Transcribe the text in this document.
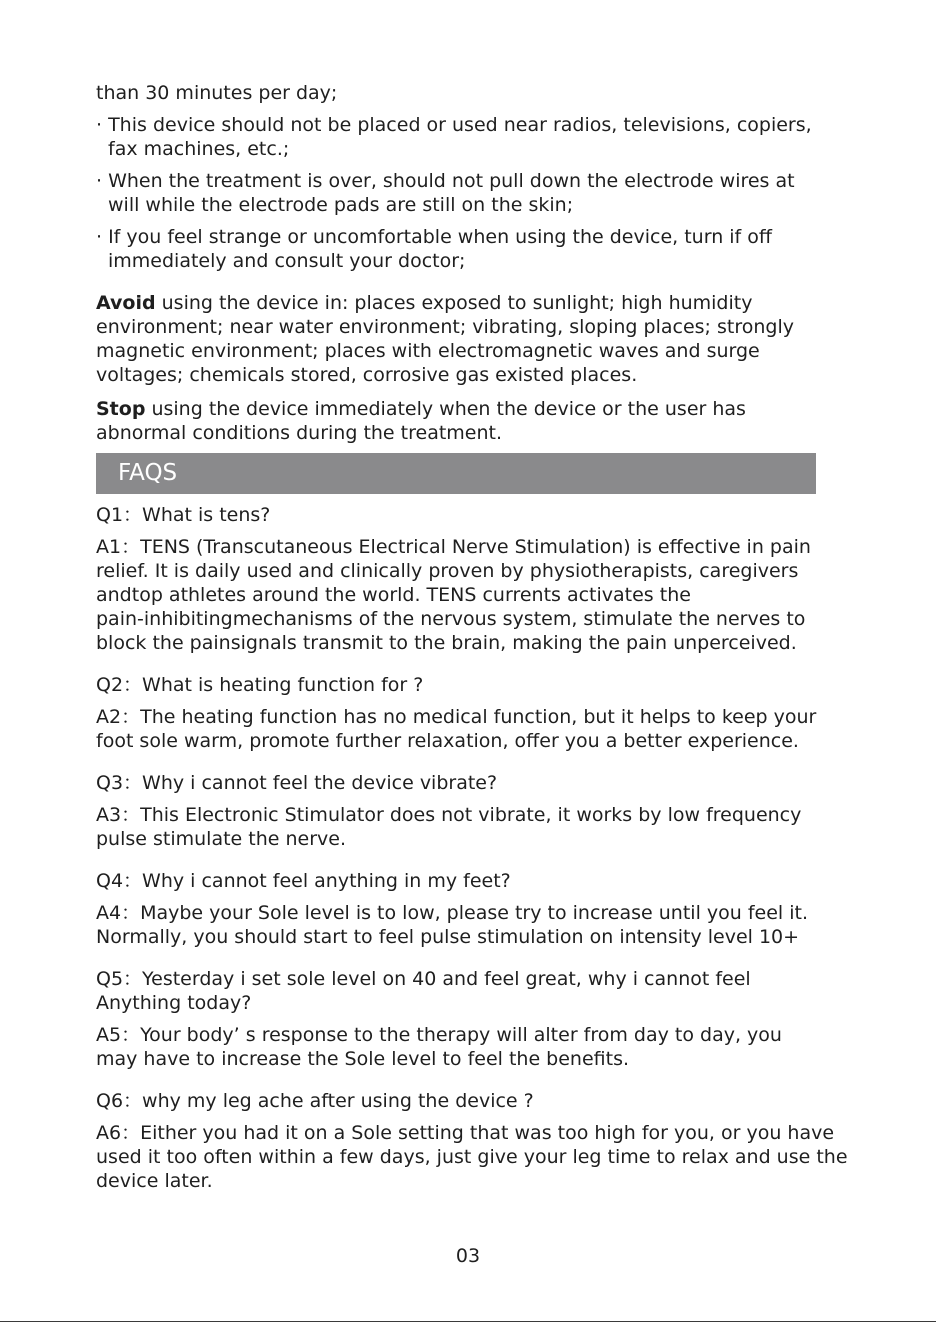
than 30 minutes per day;

· This device should not be placed or used near radios, televisions, copiers,
fax machines, etc.;
· When the treatment is over, should not pull down the electrode wires at
will while the electrode pads are still on the skin;
· If you feel strange or uncomfortable when using the device, turn if off
immediately and consult your doctor;
Avoid using the device in: places exposed to sunlight; high humidity
environment; near water environment; vibrating, sloping places; strongly
magnetic environment; places with electromagnetic waves and surge
voltages; chemicals stored, corrosive gas existed places.
Stop using the device immediately when the device or the user has
abnormal conditions during the treatment.
FAQS

Q1：What is tens?

A1：TENS (Transcutaneous Electrical Nerve Stimulation) is effective in pain
relief. It is daily used and clinically proven by physiotherapists, caregivers
andtop athletes around the world. TENS currents activates the
pain-inhibitingmechanisms of the nervous system, stimulate the nerves to
block the painsignals transmit to the brain, making the pain unperceived.

Q2：What is heating function for ?

A2：The heating function has no medical function, but it helps to keep your
foot sole warm, promote further relaxation, offer you a better experience.

Q3：Why i cannot feel the device vibrate?

A3：This Electronic Stimulator does not vibrate, it works by low frequency
pulse stimulate the nerve.

Q4：Why i cannot feel anything in my feet?

A4：Maybe your Sole level is to low, please try to increase until you feel it.
Normally, you should start to feel pulse stimulation on intensity level 10+

Q5：Yesterday i set sole level on 40 and feel great, why i cannot feel

Anything today?

A5：Your body’ s response to the therapy will alter from day to day, you
may have to increase the Sole level to feel the benefits.

Q6：why my leg ache after using the device ?

A6：Either you had it on a Sole setting that was too high for you, or you have
used it too often within a few days, just give your leg time to relax and use the
device later.
03
